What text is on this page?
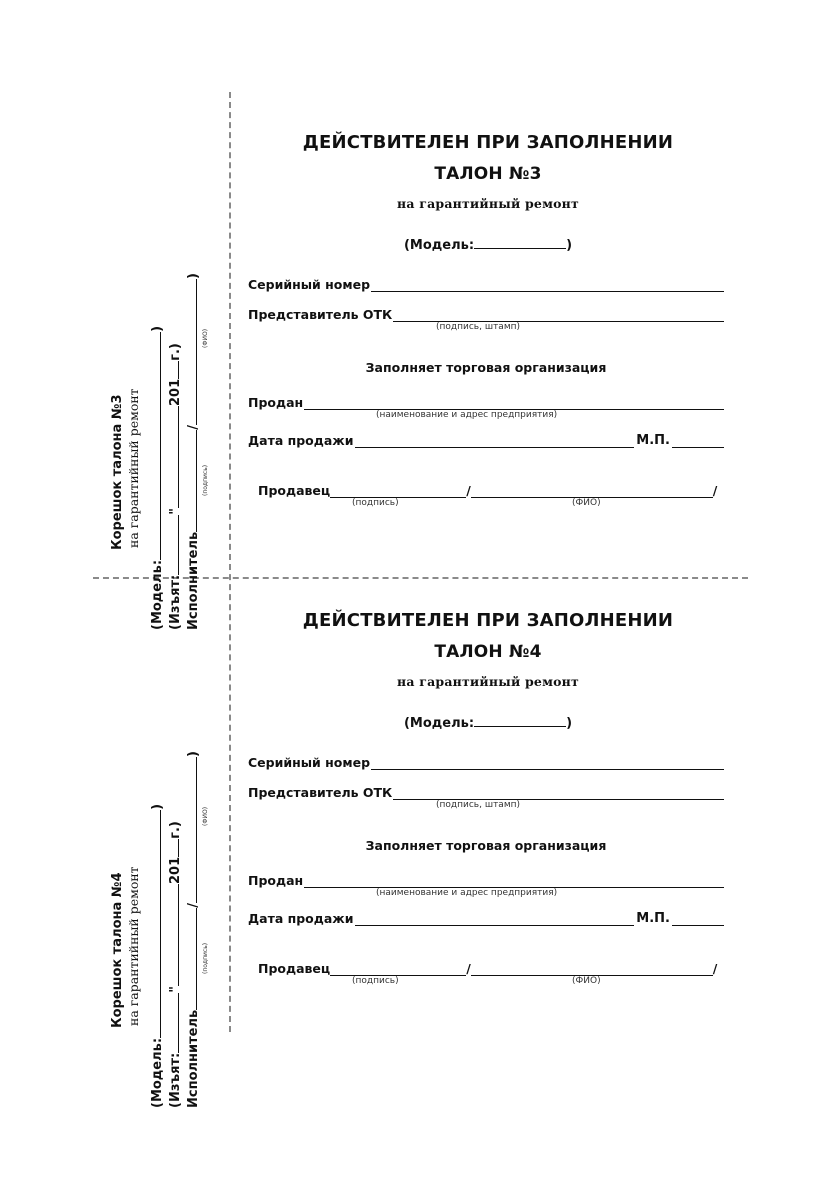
Корешок талона №3 на гарантийный ремонт
(Модель:)
(Изъят:"201г.)
Исполнитель/)
(подпись)
(ФИО)
ДЕЙСТВИТЕЛЕН ПРИ ЗАПОЛНЕНИИ
ТАЛОН №3
на гарантийный ремонт
(Модель:	)
Серийный номер
Представитель ОТК
(подпись, штамп)
Заполняет торговая организация
Продан
(наименование и адрес предприятия)
Дата продажи	М.П.
Продавец	/	/
(подпись)	(ФИО)
Корешок талона №4 на гарантийный ремонт
(Модель:)
(Изъят:"201г.)
Исполнитель/)
(подпись)
(ФИО)
ДЕЙСТВИТЕЛЕН ПРИ ЗАПОЛНЕНИИ
ТАЛОН №4
на гарантийный ремонт
(Модель:	)
Серийный номер
Представитель ОТК
(подпись, штамп)
Заполняет торговая организация
Продан
(наименование и адрес предприятия)
Дата продажи	М.П.
Продавец	/	/
(подпись)	(ФИО)
